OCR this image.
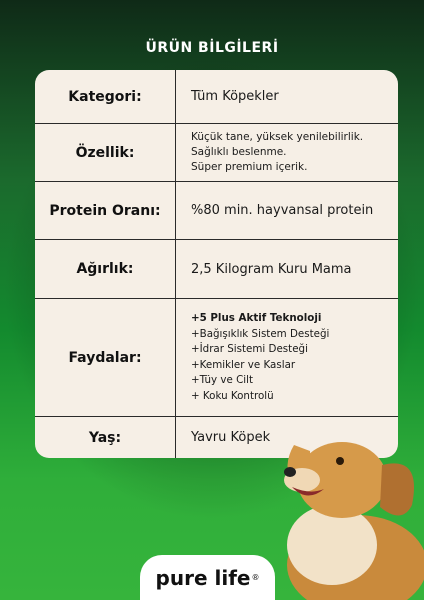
ÜRÜN BİLGİLERİ
Kategori:	Tüm Köpekler
Özellik:
Küçük tane, yüksek yenilebilirlik.
Sağlıklı beslenme.
Süper premium içerik.
Protein Oranı:	%80 min. hayvansal protein
Ağırlık:	2,5 Kilogram Kuru Mama
Faydalar:
+5 Plus Aktif Teknoloji
+Bağışıklık Sistem Desteği
+İdrar Sistemi Desteği
+Kemikler ve Kaslar
+Tüy ve Cilt
+ Koku Kontrolü
Yaş:	Yavru Köpek
pure life ®
